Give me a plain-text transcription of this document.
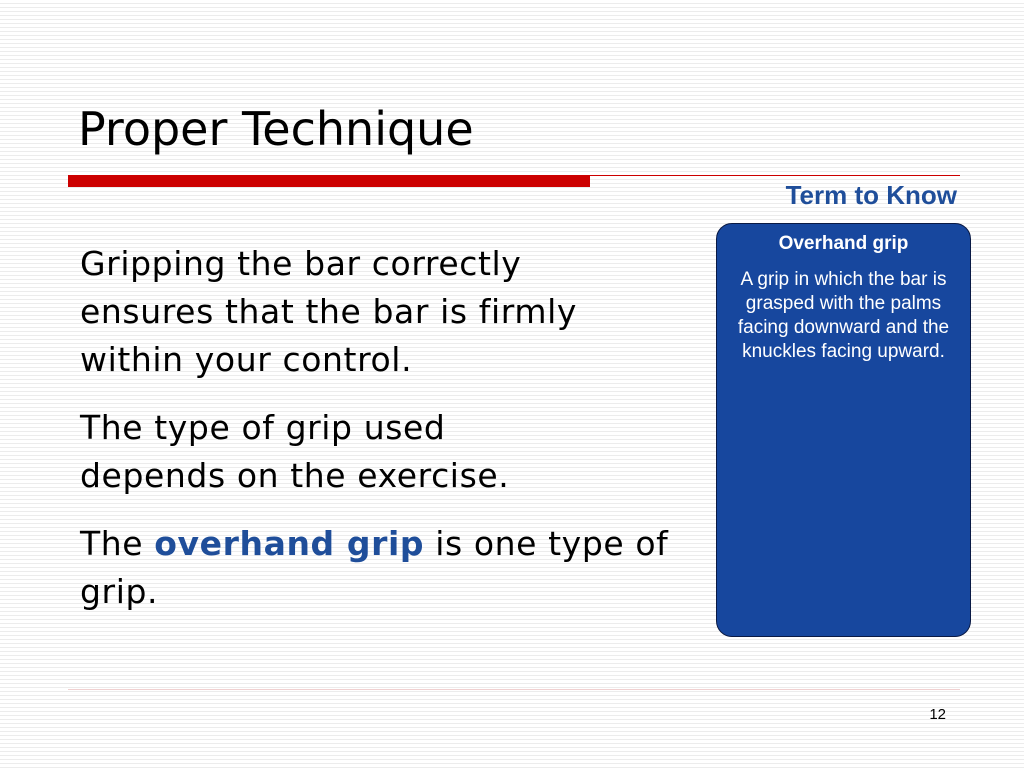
Proper Technique
Term to Know
Overhand grip

A grip in which the bar is grasped with the palms facing downward and the knuckles facing upward.

Gripping the bar correctly ensures that the bar is firmly within your control.

The type of grip used depends on the exercise.

The overhand grip is one type of grip.

12
